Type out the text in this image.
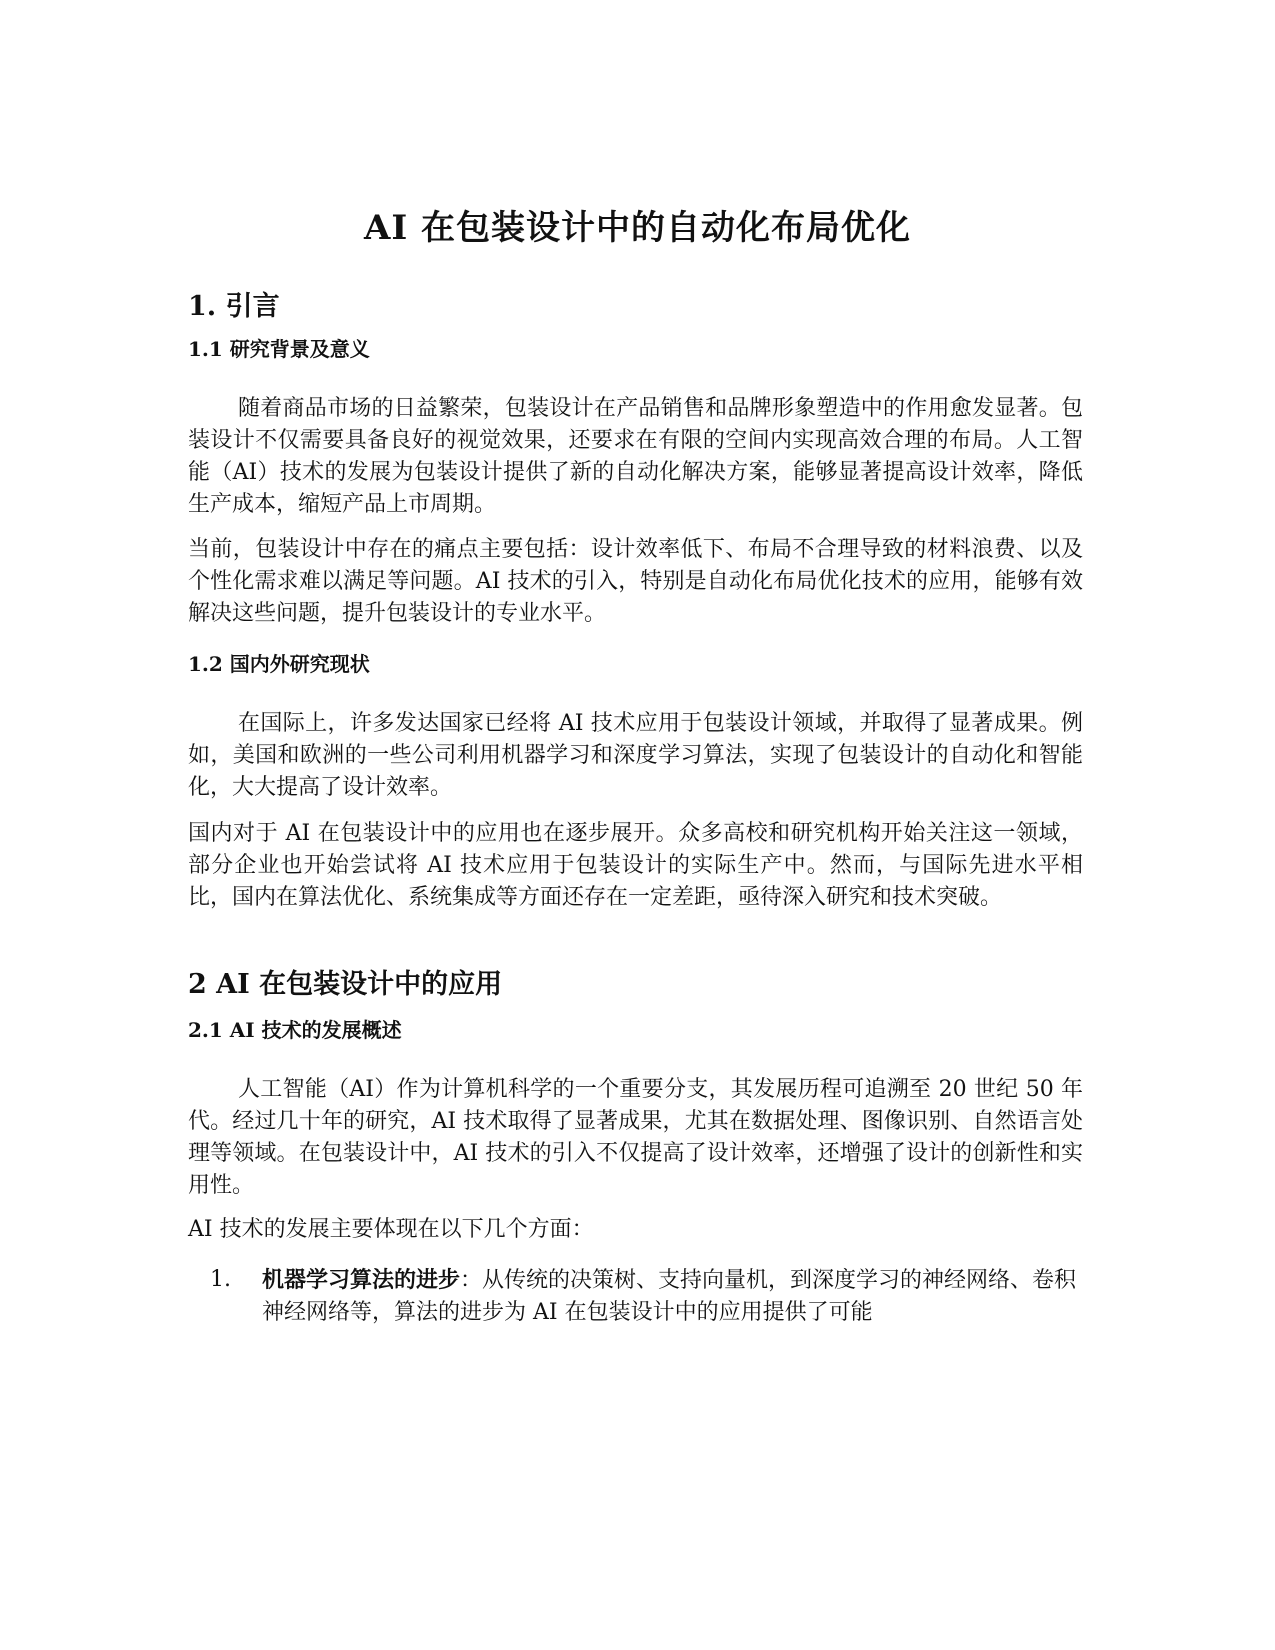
AI 在包装设计中的自动化布局优化
1. 引言
1.1 研究背景及意义

随着商品市场的日益繁荣，包装设计在产品销售和品牌形象塑造中的作用愈发显著。包装设计不仅需要具备良好的视觉效果，还要求在有限的空间内实现高效合理的布局。人工智能（AI）技术的发展为包装设计提供了新的自动化解决方案，能够显著提高设计效率，降低生产成本，缩短产品上市周期。

当前，包装设计中存在的痛点主要包括：设计效率低下、布局不合理导致的材料浪费、以及个性化需求难以满足等问题。AI 技术的引入，特别是自动化布局优化技术的应用，能够有效解决这些问题，提升包装设计的专业水平。

1.2 国内外研究现状

在国际上，许多发达国家已经将 AI 技术应用于包装设计领域，并取得了显著成果。例如，美国和欧洲的一些公司利用机器学习和深度学习算法，实现了包装设计的自动化和智能化，大大提高了设计效率。

国内对于 AI 在包装设计中的应用也在逐步展开。众多高校和研究机构开始关注这一领域，部分企业也开始尝试将 AI 技术应用于包装设计的实际生产中。然而，与国际先进水平相比，国内在算法优化、系统集成等方面还存在一定差距，亟待深入研究和技术突破。

2 AI 在包装设计中的应用
2.1 AI 技术的发展概述

人工智能（AI）作为计算机科学的一个重要分支，其发展历程可追溯至 20 世纪 50 年代。经过几十年的研究，AI 技术取得了显著成果，尤其在数据处理、图像识别、自然语言处理等领域。在包装设计中，AI 技术的引入不仅提高了设计效率，还增强了设计的创新性和实用性。

AI 技术的发展主要体现在以下几个方面：

1. 机器学习算法的进步：从传统的决策树、支持向量机，到深度学习的神经网络、卷积神经网络等，算法的进步为 AI 在包装设计中的应用提供了可能
